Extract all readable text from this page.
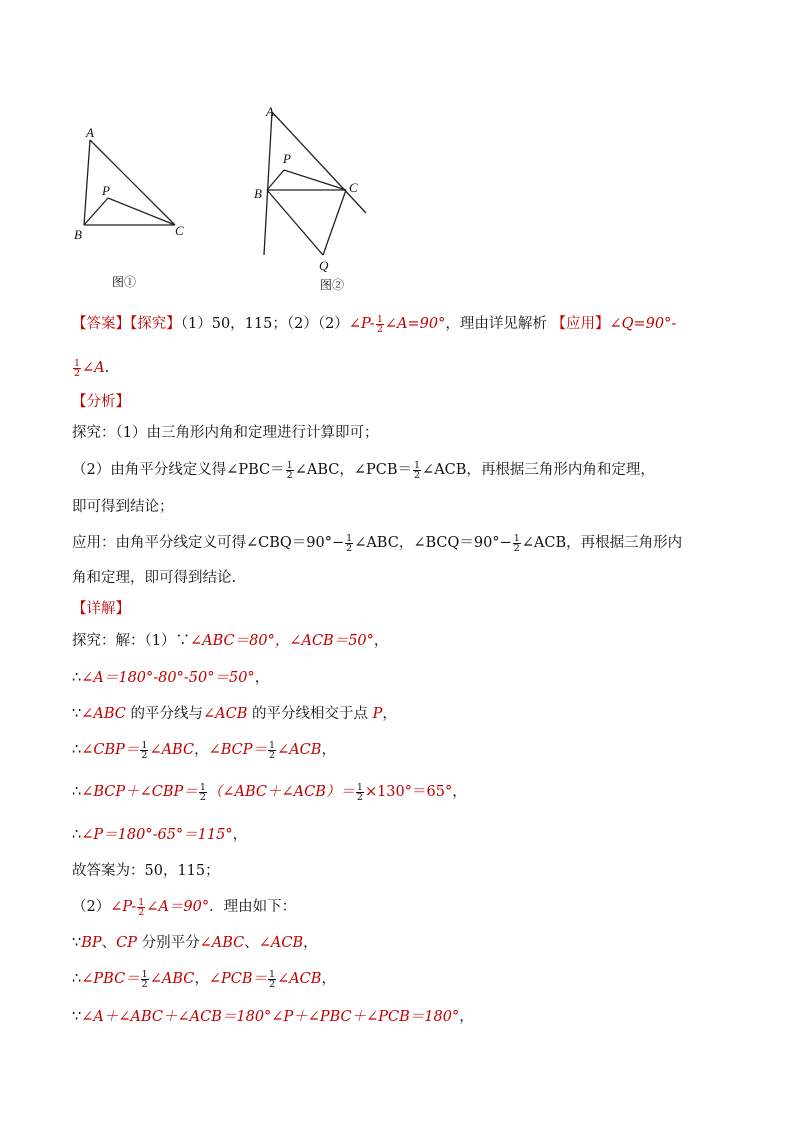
A
P
B	C
图①
A
P
B	C
Q
图②
【答案】【探究】（1）50，115；（2）（2）∠P- $\frac{1}{2}$ ∠A=90°，理由详见解析 【应用】∠Q=90°-
$\frac{1}{2}$ ∠A.
【分析】
探究：（1）由三角形内角和定理进行计算即可；
（2）由角平分线定义得∠PBC＝ $\frac{1}{2}$ ∠ABC，∠PCB＝ $\frac{1}{2}$ ∠ACB，再根据三角形内角和定理，
即可得到结论；
应用：由角平分线定义可得∠CBQ＝90°− $\frac{1}{2}$ ∠ABC，∠BCQ＝90°− $\frac{1}{2}$ ∠ACB，再根据三角形内
角和定理，即可得到结论.
【详解】
探究：解：（1）∵∠ABC＝80°，∠ACB＝50°，
∴∠A＝180°-80°-50°＝50°，
∵∠ABC 的平分线与∠ACB 的平分线相交于点 P，
∴∠CBP＝ $\frac{1}{2}$ ∠ABC，∠BCP＝ $\frac{1}{2}$ ∠ACB，
∴∠BCP＋∠CBP＝ $\frac{1}{2}$ （∠ABC＋∠ACB）＝ $\frac{1}{2} \times 130^\circ=65^\circ$，
∴∠P＝180°-65°＝115°，
故答案为：50，115；
（2）∠P- $\frac{1}{2}$ ∠A＝90°．理由如下：
∵BP、CP 分别平分∠ABC、∠ACB，
∴∠PBC＝ $\frac{1}{2}$ ∠ABC，∠PCB＝ $\frac{1}{2}$ ∠ACB，
∵∠A＋∠ABC＋∠ACB＝180°∠P＋∠PBC＋∠PCB＝180°，
